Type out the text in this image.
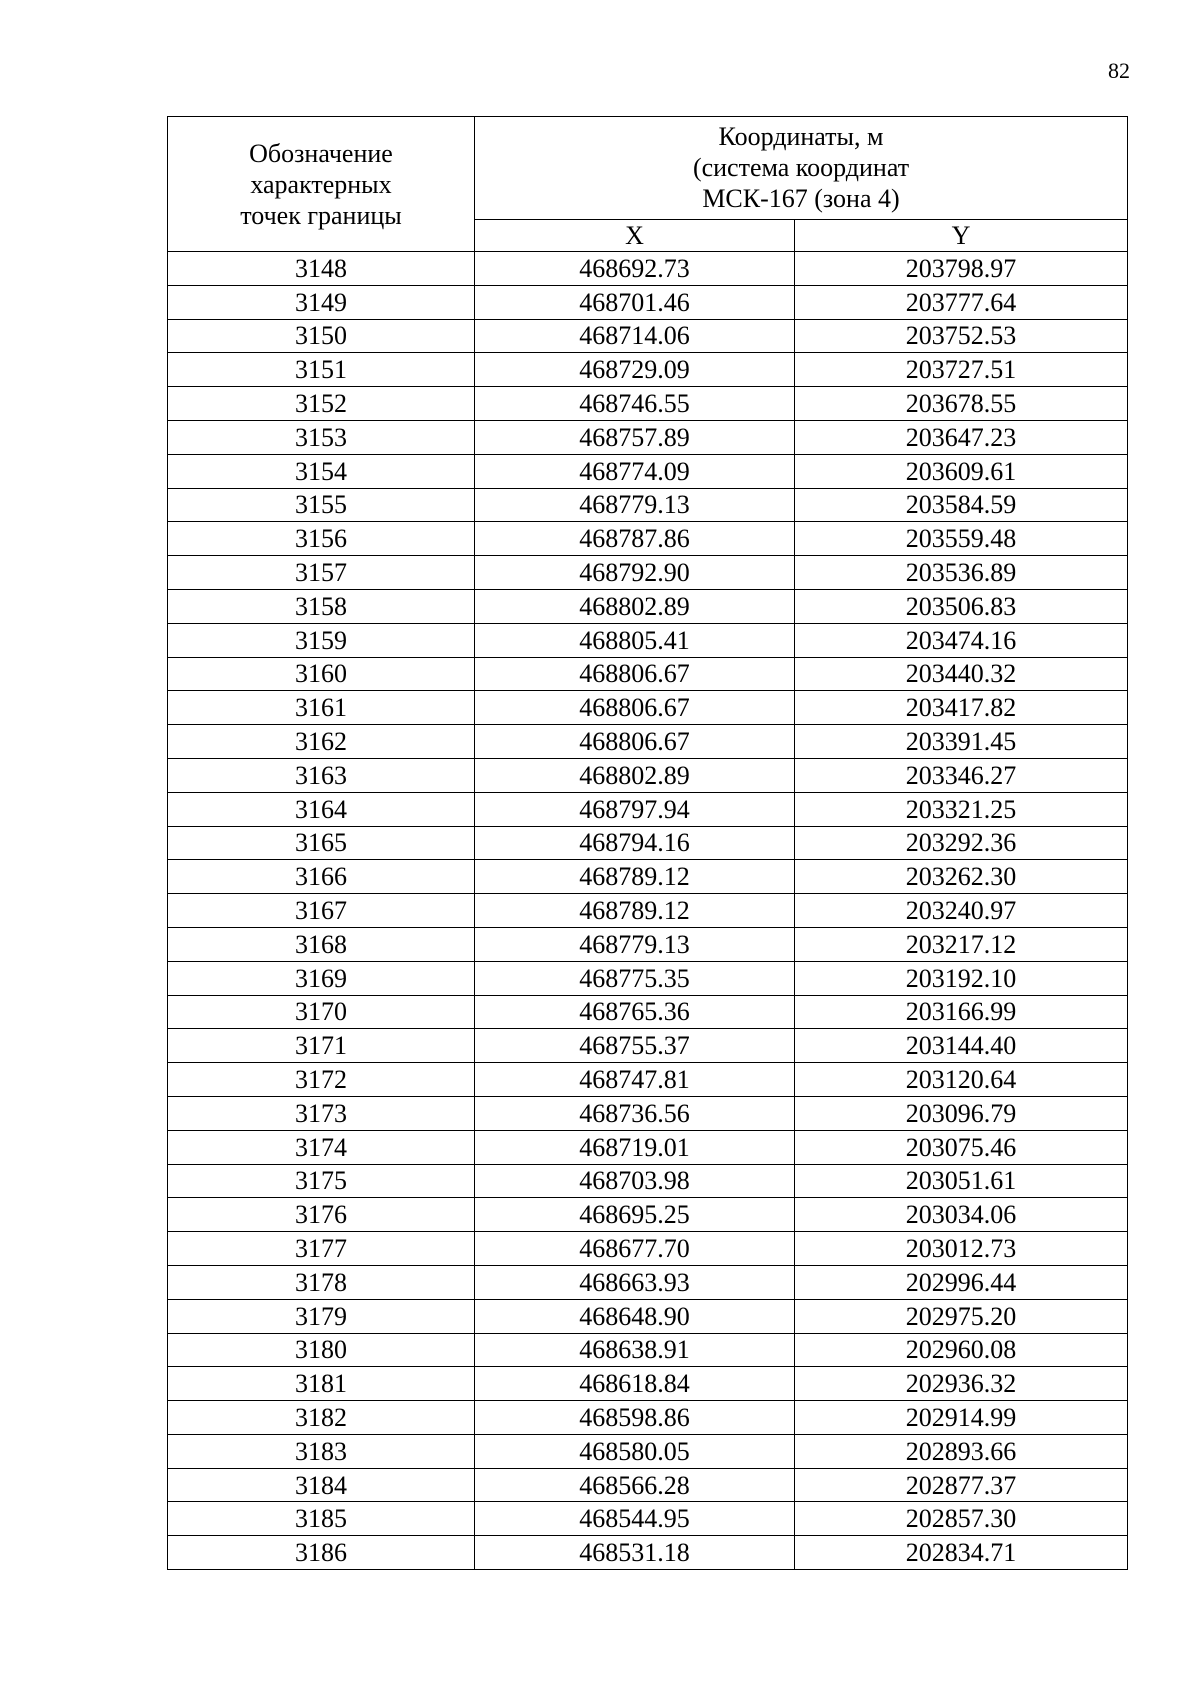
82
Обозначение
характерных
точек границы	Координаты, м
(система координат
МСК-167 (зона 4)	

	X	Y
3148	468692.73	203798.97
3149	468701.46	203777.64
3150	468714.06	203752.53
3151	468729.09	203727.51
3152	468746.55	203678.55
3153	468757.89	203647.23
3154	468774.09	203609.61
3155	468779.13	203584.59
3156	468787.86	203559.48
3157	468792.90	203536.89
3158	468802.89	203506.83
3159	468805.41	203474.16
3160	468806.67	203440.32
3161	468806.67	203417.82
3162	468806.67	203391.45
3163	468802.89	203346.27
3164	468797.94	203321.25
3165	468794.16	203292.36
3166	468789.12	203262.30
3167	468789.12	203240.97
3168	468779.13	203217.12
3169	468775.35	203192.10
3170	468765.36	203166.99
3171	468755.37	203144.40
3172	468747.81	203120.64
3173	468736.56	203096.79
3174	468719.01	203075.46
3175	468703.98	203051.61
3176	468695.25	203034.06
3177	468677.70	203012.73
3178	468663.93	202996.44
3179	468648.90	202975.20
3180	468638.91	202960.08
3181	468618.84	202936.32
3182	468598.86	202914.99
3183	468580.05	202893.66
3184	468566.28	202877.37
3185	468544.95	202857.30
3186	468531.18	202834.71
